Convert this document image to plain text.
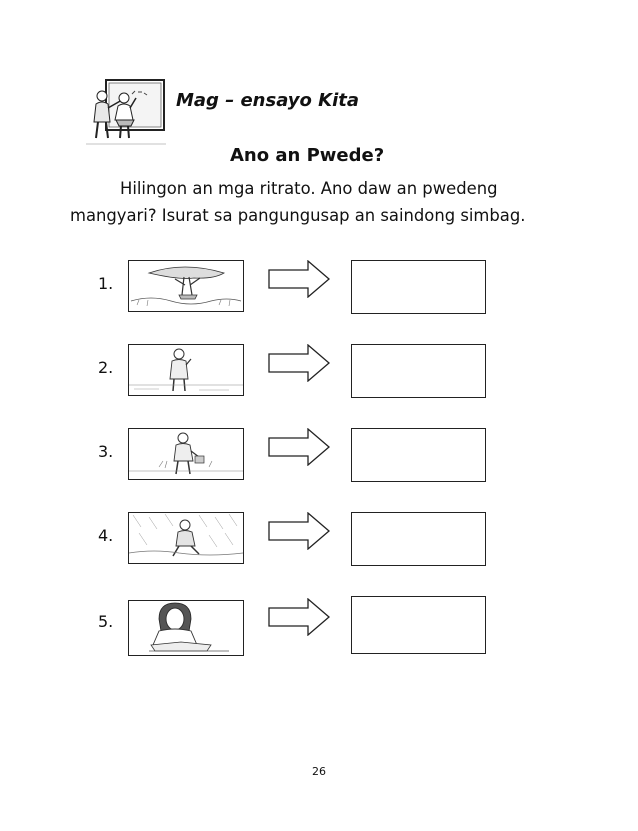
Mag – ensayo Kita
Ano an Pwede?

Hilingon an mga ritrato. Ano daw an pwedeng mangyari? Isurat sa pangungusap an saindong simbag.

1.
2.
3.
4.
5.
26
